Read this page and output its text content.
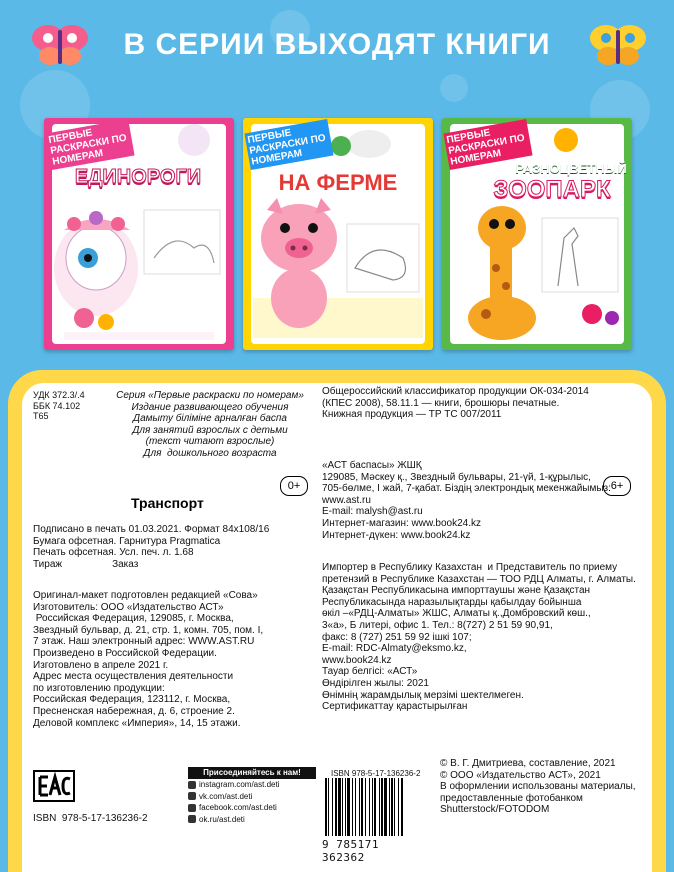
В СЕРИИ ВЫХОДЯТ КНИГИ
ПЕРВЫЕ РАСКРАСКИ ПО НОМЕРАМ
ЕДИНОРОГИ
ПЕРВЫЕ РАСКРАСКИ ПО НОМЕРАМ
НА ФЕРМЕ
ПЕРВЫЕ РАСКРАСКИ ПО НОМЕРАМ
РАЗНОЦВЕТНЫЙ
ЗООПАРК
УДК 372.3/.4
ББК 74.102
Т65
Серия «Первые раскраски по номерам»
Издание развивающего обучения
Дамыту біліміне арналған баспа
Для занятий взрослых с детьми
(текст читают взрослые)
Для  дошкольного возраста
0+
Транспорт
Подписано в печать 01.03.2021. Формат 84x108/16
Бумага офсетная. Гарнитура Pragmatica
Печать офсетная. Усл. печ. л. 1.68
Тираж                  Заказ
Оригинал-макет подготовлен редакцией «Сова»
Изготовитель: ООО «Издательство АСТ»
Российская Федерация, 129085, г. Москва,
Звездный бульвар, д. 21, стр. 1, комн. 705, пом. I,
7 этаж. Наш электронный адрес: WWW.AST.RU
Произведено в Российской Федерации.
Изготовлено в апреле 2021 г.
Адрес места осуществления деятельности
по изготовлению продукции:
Российская Федерация, 123112, г. Москва,
Пресненская набережная, д. 6, строение 2.
Деловой комплекс «Империя», 14, 15 этажи.
Общероссийский классификатор продукции ОК-034-2014
(КПЕС 2008), 58.11.1 — книги, брошюры печатные.
Книжная продукция — ТР ТС 007/2011
«АСТ баспасы» ЖШҚ
129085, Мәскеу қ., Звездный бульвары, 21-үй, 1-құрылыс,
705-бөлме, I жай, 7-қабат. Біздің электрондық мекенжайымыз:
www.ast.ru
E-mail: malysh@ast.ru
Интернет-магазин: www.book24.kz
Интернет-дүкен: www.book24.kz
6+
Импортер в Республику Казахстан  и Представитель по приему
претензий в Республике Казахстан — ТОО РДЦ Алматы, г. Алматы.
Қазақстан Республикасына импорттаушы және Қазақстан
Республикасында наразылықтарды қабылдау бойынша
өкіл –«РДЦ-Алматы» ЖШС, Алматы қ.,Домбровский көш.,
3«а», Б литері, офис 1. Тел.: 8(727) 2 51 59 90,91,
факс: 8 (727) 251 59 92 ішкі 107;
E-mail: RDC-Almaty@eksmo.kz,
www.book24.kz
Тауар белгісі: «АСТ»
Өндірілген жылы: 2021
Өнімнің жарамдылық мерзімі шектелмеген.
Сертификаттау қарастырылған
© В. Г. Дмитриева, составление, 2021
© ООО «Издательство АСТ», 2021
В оформлении использованы материалы,
предоставленные фотобанком
Shutterstock/FOTODOM
ISBN  978-5-17-136236-2
Присоединяйтесь к нам!
instagram.com/ast.deti
vk.com/ast.deti
facebook.com/ast.deti
ok.ru/ast.deti
ISBN 978-5-17-136236-2
9 785171 362362
